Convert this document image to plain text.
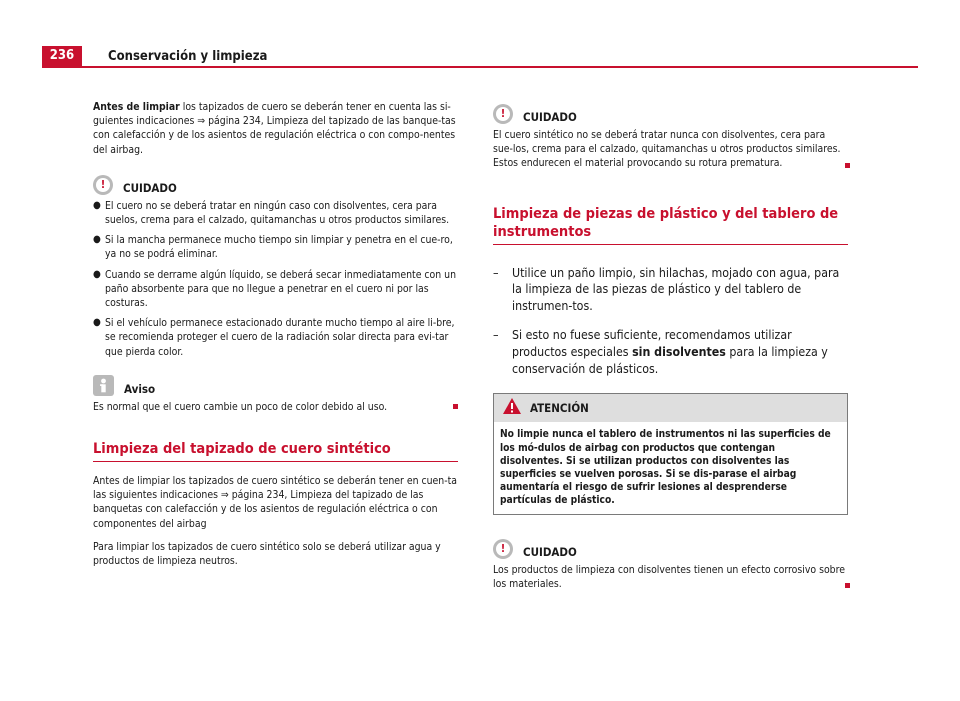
236	Conservación y limpieza

Antes de limpiar los tapizados de cuero se deberán tener en cuenta las si-guientes indicaciones ⇒ página 234, Limpieza del tapizado de las banque-tas con calefacción y de los asientos de regulación eléctrica o con compo-nentes del airbag.

!	CUIDADO
● El cuero no se deberá tratar en ningún caso con disolventes, cera para suelos, crema para el calzado, quitamanchas u otros productos similares.
● Si la mancha permanece mucho tiempo sin limpiar y penetra en el cue-ro, ya no se podrá eliminar.
● Cuando se derrame algún líquido, se deberá secar inmediatamente con un paño absorbente para que no llegue a penetrar en el cuero ni por las costuras.
● Si el vehículo permanece estacionado durante mucho tiempo al aire li-bre, se recomienda proteger el cuero de la radiación solar directa para evi-tar que pierda color.
Aviso
Es normal que el cuero cambie un poco de color debido al uso.
Limpieza del tapizado de cuero sintético

Antes de limpiar los tapizados de cuero sintético se deberán tener en cuen-ta las siguientes indicaciones ⇒ página 234, Limpieza del tapizado de las banquetas con calefacción y de los asientos de regulación eléctrica o con componentes del airbag

Para limpiar los tapizados de cuero sintético solo se deberá utilizar agua y productos de limpieza neutros.

!	CUIDADO
El cuero sintético no se deberá tratar nunca con disolventes, cera para sue-los, crema para el calzado, quitamanchas u otros productos similares. Estos endurecen el material provocando su rotura prematura.
Limpieza de piezas de plástico y del tablero de instrumentos
–	Utilice un paño limpio, sin hilachas, mojado con agua, para la limpieza de las piezas de plástico y del tablero de instrumen-tos.
–	Si esto no fuese suficiente, recomendamos utilizar productos especiales sin disolventes para la limpieza y conservación de plásticos.
ATENCIÓN
No limpie nunca el tablero de instrumentos ni las superficies de los mó-dulos de airbag con productos que contengan disolventes. Si se utilizan productos con disolventes las superficies se vuelven porosas. Si se dis-parase el airbag aumentaría el riesgo de sufrir lesiones al desprenderse partículas de plástico.
!	CUIDADO
Los productos de limpieza con disolventes tienen un efecto corrosivo sobre los materiales.
